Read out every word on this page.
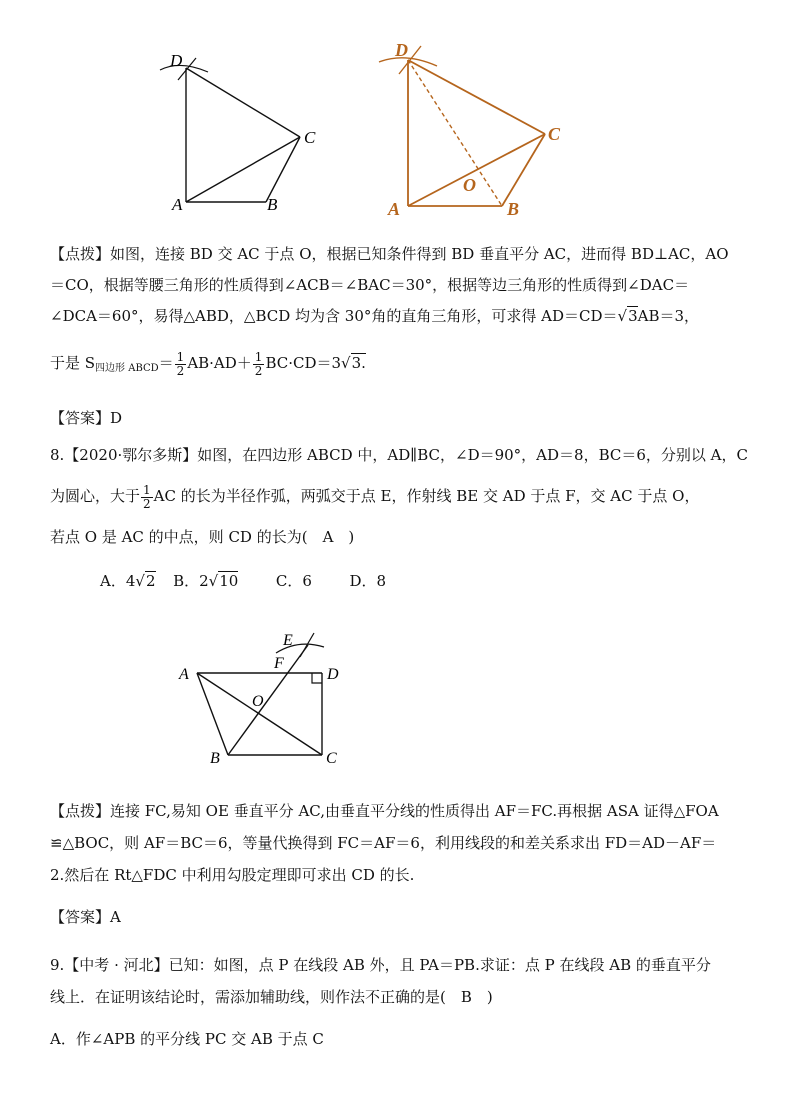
D
C
A	B
D
C
O
A	B
【点拨】如图，连接 BD 交 AC 于点 O，根据已知条件得到 BD 垂直平分 AC，进而得 BD⊥AC，AO
＝CO，根据等腰三角形的性质得到∠ACB＝∠BAC＝30°，根据等边三角形的性质得到∠DAC＝
∠DCA＝60°，易得△ABD，△BCD 均为含 30°角的直角三角形，可求得 AD＝CD＝√3AB＝3，
于是 $S_{四边形 ABCD}= \frac{1}{2} AB\cdot AD+ \frac{1}{2} BC\cdot CD=3√3$.
【答案】D
8.【2020·鄂尔多斯】如图，在四边形 ABCD 中，AD∥BC，∠D＝90°，AD＝8，BC＝6，分别以 A，C
为圆心，大于 $\frac{1}{2}$ AC 的长为半径作弧，两弧交于点 E，作射线 BE 交 AD 于点 F，交 AC 于点 O，
若点 O 是 AC 的中点，则 CD 的长为(　A　)
A．4√2 B．2√10	C．6	D．8
E
F
A	D
O
B	C
【点拨】连接 FC,易知 OE 垂直平分 AC,由垂直平分线的性质得出 AF＝FC.再根据 ASA 证得△FOA
≌△BOC，则 AF＝BC＝6，等量代换得到 FC＝AF＝6，利用线段的和差关系求出 FD＝AD－AF＝
2.然后在 Rt△FDC 中利用勾股定理即可求出 CD 的长.
【答案】A
9.【中考 · 河北】已知：如图，点 P 在线段 AB 外，且 PA＝PB.求证：点 P 在线段 AB 的垂直平分
线上．在证明该结论时，需添加辅助线，则作法不正确的是(　B　)
A．作∠APB 的平分线 PC 交 AB 于点 C
